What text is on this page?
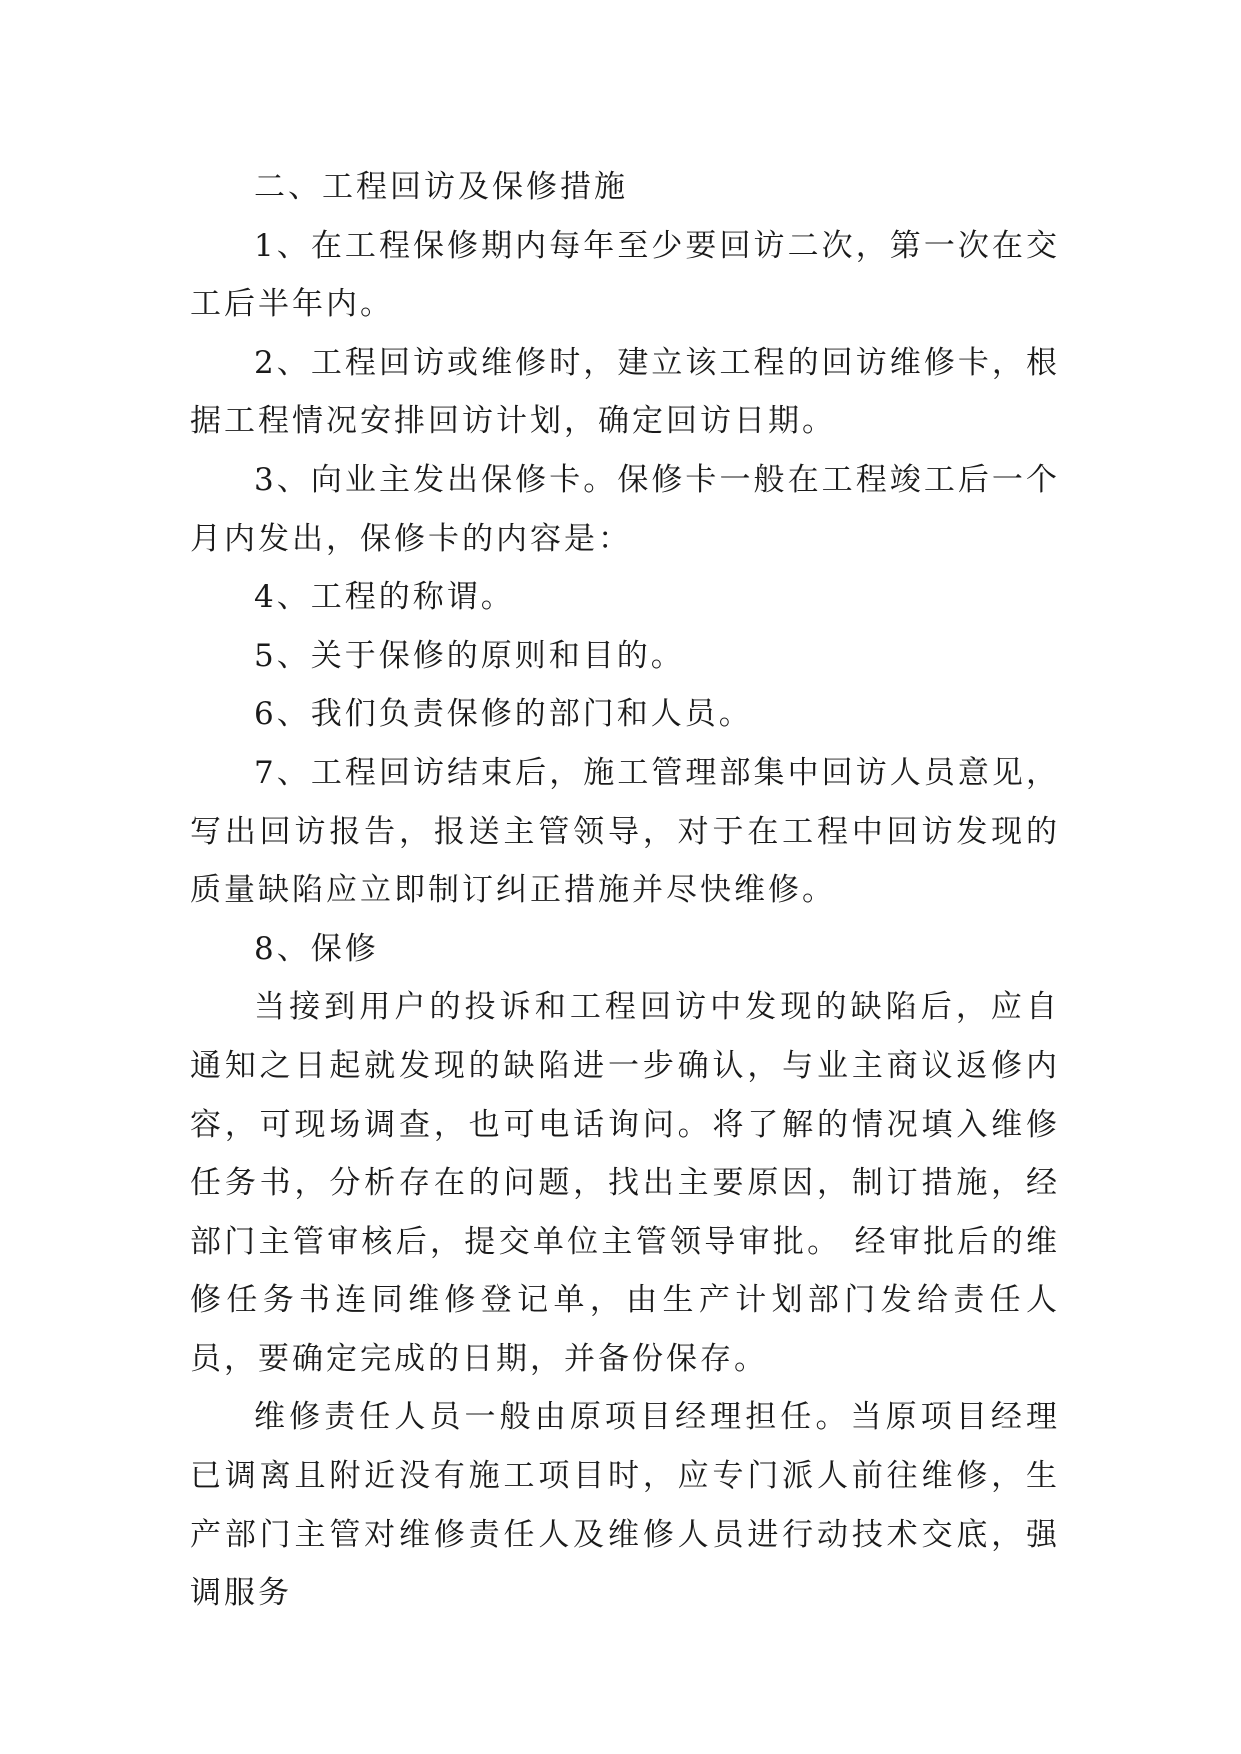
二、工程回访及保修措施

1、在工程保修期内每年至少要回访二次，第一次在交工后半年内。

2、工程回访或维修时，建立该工程的回访维修卡，根据工程情况安排回访计划，确定回访日期。

3、向业主发出保修卡。保修卡一般在工程竣工后一个月内发出，保修卡的内容是：

4、工程的称谓。

5、关于保修的原则和目的。

6、我们负责保修的部门和人员。

7、工程回访结束后，施工管理部集中回访人员意见，写出回访报告，报送主管领导，对于在工程中回访发现的质量缺陷应立即制订纠正措施并尽快维修。

8、保修

当接到用户的投诉和工程回访中发现的缺陷后，应自通知之日起就发现的缺陷进一步确认，与业主商议返修内容，可现场调查，也可电话询问。将了解的情况填入维修任务书，分析存在的问题，找出主要原因，制订措施，经部门主管审核后，提交单位主管领导审批。 经审批后的维修任务书连同维修登记单，由生产计划部门发给责任人员，要确定完成的日期，并备份保存。

维修责任人员一般由原项目经理担任。当原项目经理已调离且附近没有施工项目时，应专门派人前往维修，生产部门主管对维修责任人及维修人员进行动技术交底，强调服务
